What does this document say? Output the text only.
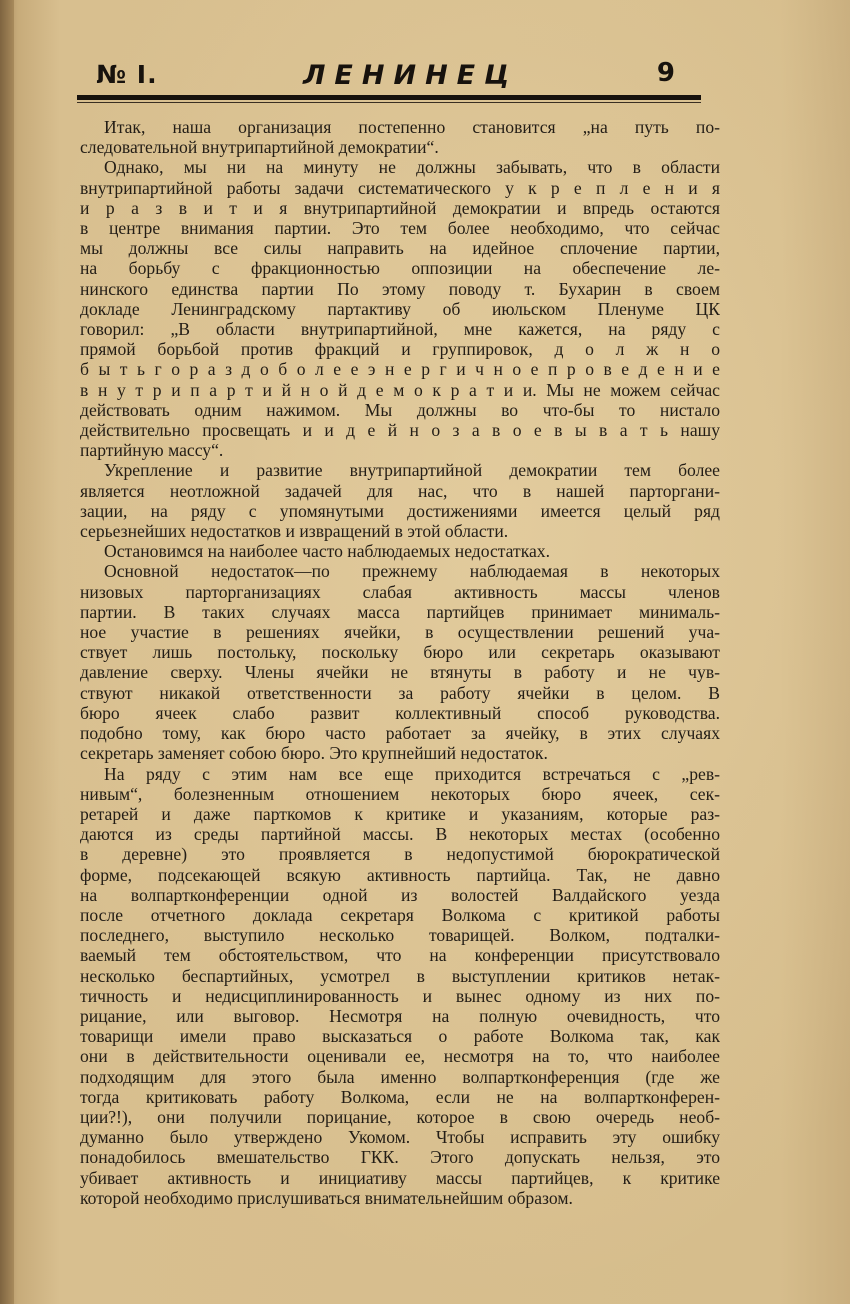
№ I.	ЛЕНИНЕЦ	9

Итак, наша организация постепенно становится „на путь по-

следовательной внутрипартийной демократии“.

Однако, мы ни на минуту не должны забывать, что в области

внутрипартийной работы задачи систематического у к р е п л е н и я

и р а з в и т и я внутрипартийной демократии и впредь остаются

в центре внимания партии. Это тем более необходимо, что сейчас

мы должны все силы направить на идейное сплочение партии,

на борьбу с фракционностью оппозиции на обеспечение ле-

нинского единства партии По этому поводу т. Бухарин в своем

докладе Ленинградскому партактиву об июльском Пленуме ЦК

говорил: „В области внутрипартийной, мне кажется, на ряду с

прямой борьбой против фракций и группировок, д о л ж н о

б ы т ь г о р а з д о б о л е е э н е р г и ч н о е п р о в е д е н и е

в н у т р и п а р т и й н о й д е м о к р а т и и. Мы не можем сейчас

действовать одним нажимом. Мы должны во что-бы то нистало

действительно просвещать и и д е й н о з а в о е в ы в а т ь нашу

партийную массу“.

Укрепление и развитие внутрипартийной демократии тем более

является неотложной задачей для нас, что в нашей парторгани-

зации, на ряду с упомянутыми достижениями имеется целый ряд

серьезнейших недостатков и извращений в этой области.

Остановимся на наиболее часто наблюдаемых недостатках.

Основной недостаток—по прежнему наблюдаемая в некоторых

низовых парторганизациях слабая активность массы членов

партии. В таких случаях масса партийцев принимает минималь-

ное участие в решениях ячейки, в осуществлении решений уча-

ствует лишь постольку, поскольку бюро или секретарь оказывают

давление сверху. Члены ячейки не втянуты в работу и не чув-

ствуют никакой ответственности за работу ячейки в целом. В

бюро ячеек слабо развит коллективный способ руководства.

подобно тому, как бюро часто работает за ячейку, в этих случаях

секретарь заменяет собою бюро. Это крупнейший недостаток.

На ряду с этим нам все еще приходится встречаться с „рев-

нивым“, болезненным отношением некоторых бюро ячеек, сек-

ретарей и даже парткомов к критике и указаниям, которые раз-

даются из среды партийной массы. В некоторых местах (особенно

в деревне) это проявляется в недопустимой бюрократической

форме, подсекающей всякую активность партийца. Так, не давно

на волпартконференции одной из волостей Валдайского уезда

после отчетного доклада секретаря Волкома с критикой работы

последнего, выступило несколько товарищей. Волком, подталки-

ваемый тем обстоятельством, что на конференции присутствовало

несколько беспартийных, усмотрел в выступлении критиков нетак-

тичность и недисциплинированность и вынес одному из них по-

рицание, или выговор. Несмотря на полную очевидность, что

товарищи имели право высказаться о работе Волкома так, как

они в действительности оценивали ее, несмотря на то, что наиболее

подходящим для этого была именно волпартконференция (где же

тогда критиковать работу Волкома, если не на волпартконферен-

ции?!), они получили порицание, которое в свою очередь необ-

думанно было утверждено Укомом. Чтобы исправить эту ошибку

понадобилось вмешательство ГКК. Этого допускать нельзя, это

убивает активность и инициативу массы партийцев, к критике

которой необходимо прислушиваться внимательнейшим образом.
